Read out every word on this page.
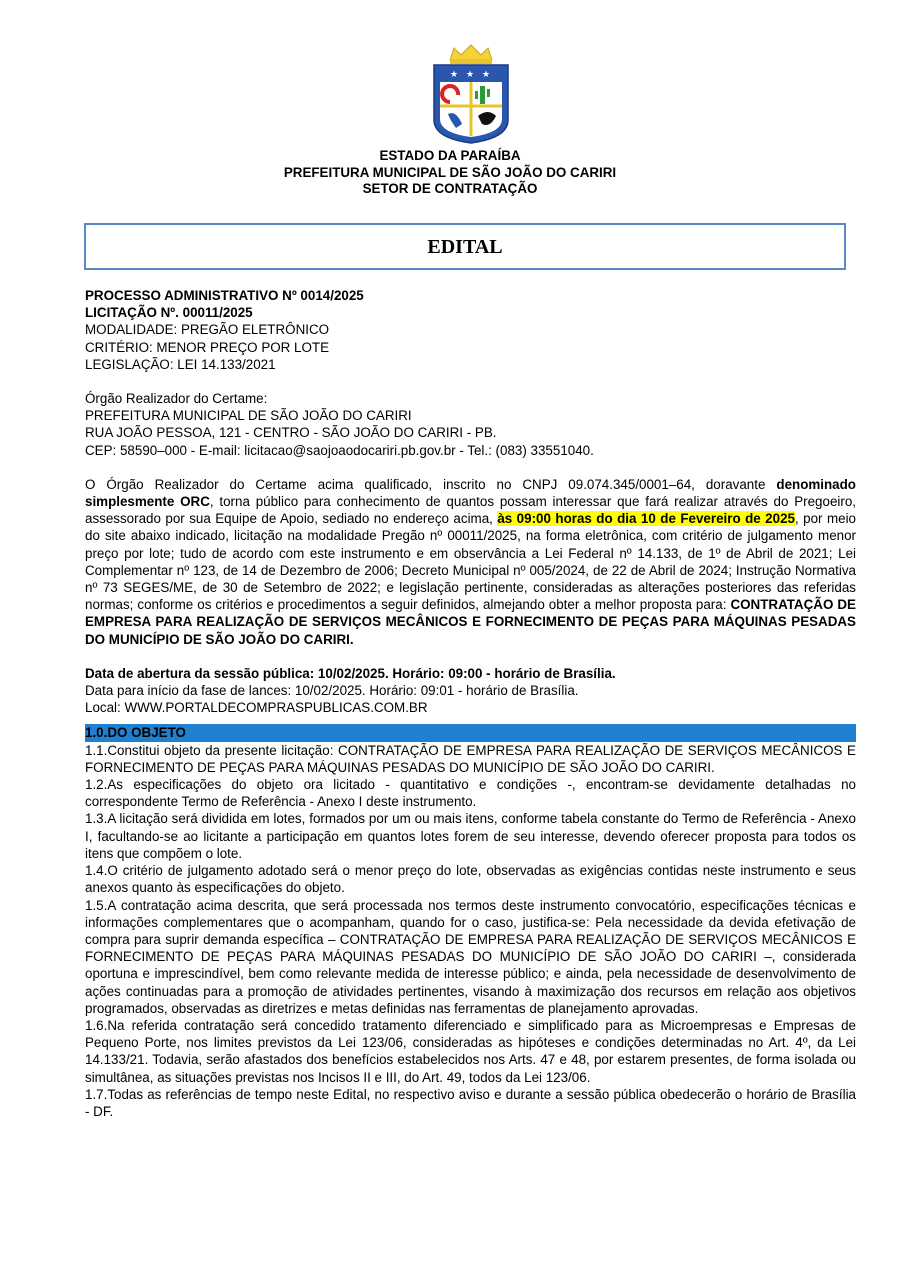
★ ★ ★
ESTADO DA PARAÍBA
PREFEITURA MUNICIPAL DE SÃO JOÃO DO CARIRI
SETOR DE CONTRATAÇÃO
EDITAL
PROCESSO ADMINISTRATIVO Nº 0014/2025
LICITAÇÃO Nº. 00011/2025
MODALIDADE: PREGÃO ELETRÔNICO
CRITÉRIO: MENOR PREÇO POR LOTE
LEGISLAÇÃO: LEI 14.133/2021
Órgão Realizador do Certame:
PREFEITURA MUNICIPAL DE SÃO JOÃO DO CARIRI
RUA JOÃO PESSOA, 121 - CENTRO - SÃO JOÃO DO CARIRI - PB.
CEP: 58590–000 - E-mail: licitacao@saojoaodocariri.pb.gov.br - Tel.: (083) 33551040.

O Órgão Realizador do Certame acima qualificado, inscrito no CNPJ 09.074.345/0001–64, doravante denominado simplesmente ORC, torna público para conhecimento de quantos possam interessar que fará realizar através do Pregoeiro, assessorado por sua Equipe de Apoio, sediado no endereço acima, às 09:00 horas do dia 10 de Fevereiro de 2025, por meio do site abaixo indicado, licitação na modalidade Pregão nº 00011/2025, na forma eletrônica, com critério de julgamento menor preço por lote; tudo de acordo com este instrumento e em observância a Lei Federal nº 14.133, de 1º de Abril de 2021; Lei Complementar nº 123, de 14 de Dezembro de 2006; Decreto Municipal nº 005/2024, de 22 de Abril de 2024; Instrução Normativa nº 73 SEGES/ME, de 30 de Setembro de 2022; e legislação pertinente, consideradas as alterações posteriores das referidas normas; conforme os critérios e procedimentos a seguir definidos, almejando obter a melhor proposta para: CONTRATAÇÃO DE EMPRESA PARA REALIZAÇÃO DE SERVIÇOS MECÂNICOS E FORNECIMENTO DE PEÇAS PARA MÁQUINAS PESADAS DO MUNICÍPIO DE SÃO JOÃO DO CARIRI.

Data de abertura da sessão pública: 10/02/2025. Horário: 09:00 - horário de Brasília.
Data para início da fase de lances: 10/02/2025. Horário: 09:01 - horário de Brasília.
Local: WWW.PORTALDECOMPRASPUBLICAS.COM.BR
1.0.DO OBJETO

1.1.Constitui objeto da presente licitação: CONTRATAÇÃO DE EMPRESA PARA REALIZAÇÃO DE SERVIÇOS MECÂNICOS E FORNECIMENTO DE PEÇAS PARA MÁQUINAS PESADAS DO MUNICÍPIO DE SÃO JOÃO DO CARIRI.

1.2.As especificações do objeto ora licitado - quantitativo e condições -, encontram-se devidamente detalhadas no correspondente Termo de Referência - Anexo I deste instrumento.

1.3.A licitação será dividida em lotes, formados por um ou mais itens, conforme tabela constante do Termo de Referência - Anexo I, facultando-se ao licitante a participação em quantos lotes forem de seu interesse, devendo oferecer proposta para todos os itens que compõem o lote.

1.4.O critério de julgamento adotado será o menor preço do lote, observadas as exigências contidas neste instrumento e seus anexos quanto às especificações do objeto.

1.5.A contratação acima descrita, que será processada nos termos deste instrumento convocatório, especificações técnicas e informações complementares que o acompanham, quando for o caso, justifica-se: Pela necessidade da devida efetivação de compra para suprir demanda específica – CONTRATAÇÃO DE EMPRESA PARA REALIZAÇÃO DE SERVIÇOS MECÂNICOS E FORNECIMENTO DE PEÇAS PARA MÁQUINAS PESADAS DO MUNICÍPIO DE SÃO JOÃO DO CARIRI –, considerada oportuna e imprescindível, bem como relevante medida de interesse público; e ainda, pela necessidade de desenvolvimento de ações continuadas para a promoção de atividades pertinentes, visando à maximização dos recursos em relação aos objetivos programados, observadas as diretrizes e metas definidas nas ferramentas de planejamento aprovadas.

1.6.Na referida contratação será concedido tratamento diferenciado e simplificado para as Microempresas e Empresas de Pequeno Porte, nos limites previstos da Lei 123/06, consideradas as hipóteses e condições determinadas no Art. 4º, da Lei 14.133/21. Todavia, serão afastados dos benefícios estabelecidos nos Arts. 47 e 48, por estarem presentes, de forma isolada ou simultânea, as situações previstas nos Incisos II e III, do Art. 49, todos da Lei 123/06.

1.7.Todas as referências de tempo neste Edital, no respectivo aviso e durante a sessão pública obedecerão o horário de Brasília - DF.
